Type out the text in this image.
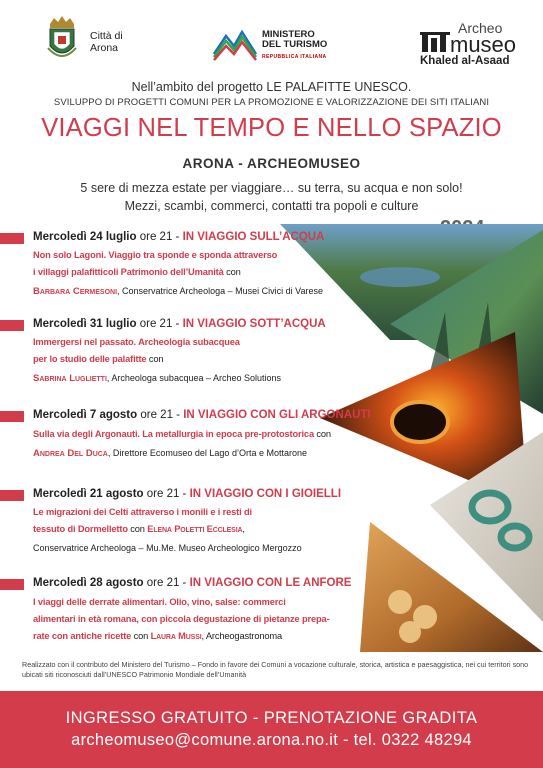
Città di
Arona
MINISTERO
DEL TURISMO
REPUBBLICA ITALIANA
Archeo
museo
Khaled al-Asaad
Nell’ambito del progetto LE PALAFITTE UNESCO.
SVILUPPO DI PROGETTI COMUNI PER LA PROMOZIONE E VALORIZZAZIONE DEI SITI ITALIANI
VIAGGI NEL TEMPO E NELLO SPAZIO
ARONA - ARCHEOMUSEO
5 sere di mezza estate per viaggiare… su terra, su acqua e non solo!
Mezzi, scambi, commerci, contatti tra popoli e culture
Mercoledì 24 luglio ore 21 - IN VIAGGIO SULL’ACQUA
Non solo Lagoni. Viaggio tra sponde e sponda attraverso
i villaggi palafitticoli Patrimonio dell’Umanità con
Barbara Cermesoni, Conservatrice Archeologa – Musei Civici di Varese
Mercoledì 31 luglio ore 21 - IN VIAGGIO SOTT’ACQUA
Immergersi nel passato. Archeologia subacquea
per lo studio delle palafitte con
Sabrina Luglietti, Archeologa subacquea – Archeo Solutions
Mercoledì 7 agosto ore 21 - IN VIAGGIO CON GLI ARGONAUTI
Sulla via degli Argonauti. La metallurgia in epoca pre-protostorica con
Andrea Del Duca, Direttore Ecomuseo del Lago d’Orta e Mottarone
Mercoledì 21 agosto ore 21 - IN VIAGGIO CON I GIOIELLI
Le migrazioni dei Celti attraverso i monili e i resti di
tessuto di Dormelletto con Elena Poletti Ecclesia,
Conservatrice Archeologa – Mu.Me. Museo Archeologico Mergozzo
Mercoledì 28 agosto ore 21 - IN VIAGGIO CON LE ANFORE
I viaggi delle derrate alimentari. Olio, vino, salse: commerci
alimentari in età romana, con piccola degustazione di pietanze prepa-
rate con antiche ricette con Laura Mussi, Archeogastronoma
Realizzato con il contributo del Ministero del Turismo – Fondo in favore dei Comuni a vocazione culturale, storica, artistica e paesaggistica, nei cui territori sono ubicati siti riconosciuti dall’UNESCO Patrimonio Mondiale dell’Umanità
INGRESSO GRATUITO - PRENOTAZIONE GRADITA
archeomuseo@comune.arona.no.it - tel. 0322 48294
